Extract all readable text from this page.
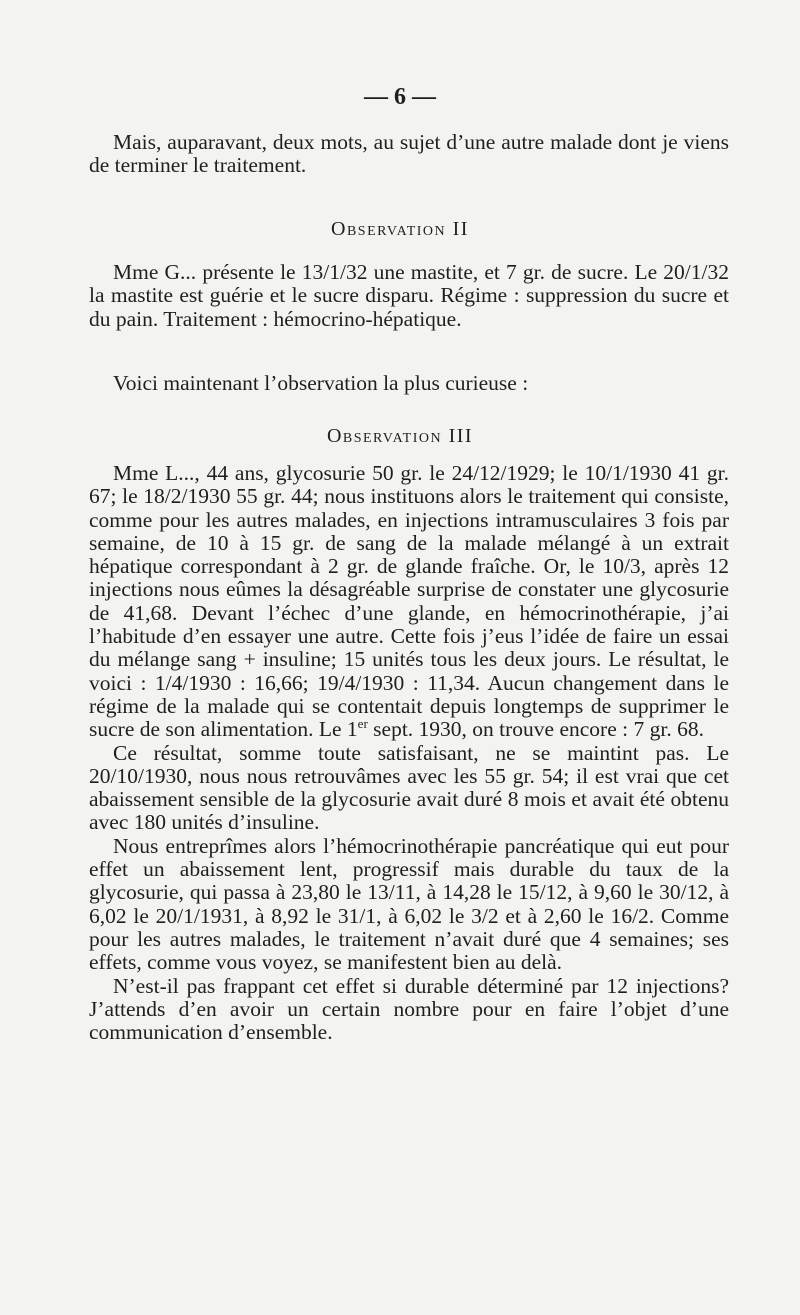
— 6 —

Mais, auparavant, deux mots, au sujet d’une autre malade dont je viens de terminer le traitement.

Observation II

Mme G... présente le 13/1/32 une mastite, et 7 gr. de sucre. Le 20/1/32 la mastite est guérie et le sucre disparu. Régime : suppression du sucre et du pain. Traitement : hémocrino-hépatique.

Voici maintenant l’observation la plus curieuse :

Observation III

Mme L..., 44 ans, glycosurie 50 gr. le 24/12/1929; le 10/1/1930 41 gr. 67; le 18/2/1930 55 gr. 44; nous instituons alors le traitement qui consiste, comme pour les autres malades, en injections intramusculaires 3 fois par semaine, de 10 à 15 gr. de sang de la malade mélangé à un extrait hépatique correspondant à 2 gr. de glande fraîche. Or, le 10/3, après 12 injections nous eûmes la désagréable surprise de constater une glycosurie de 41,68. Devant l’échec d’une glande, en hémocrinothérapie, j’ai l’habitude d’en essayer une autre. Cette fois j’eus l’idée de faire un essai du mélange sang + insuline; 15 unités tous les deux jours. Le résultat, le voici : 1/4/1930 : 16,66; 19/4/1930 : 11,34. Aucun changement dans le régime de la malade qui se contentait depuis longtemps de supprimer le sucre de son alimentation. Le 1er sept. 1930, on trouve encore : 7 gr. 68.

Ce résultat, somme toute satisfaisant, ne se maintint pas. Le 20/10/1930, nous nous retrouvâmes avec les 55 gr. 54; il est vrai que cet abaissement sensible de la glycosurie avait duré 8 mois et avait été obtenu avec 180 unités d’insuline.

Nous entreprîmes alors l’hémocrinothérapie pancréatique qui eut pour effet un abaissement lent, progressif mais durable du taux de la glycosurie, qui passa à 23,80 le 13/11, à 14,28 le 15/12, à 9,60 le 30/12, à 6,02 le 20/1/1931, à 8,92 le 31/1, à 6,02 le 3/2 et à 2,60 le 16/2. Comme pour les autres malades, le traitement n’avait duré que 4 semaines; ses effets, comme vous voyez, se manifestent bien au delà.

N’est-il pas frappant cet effet si durable déterminé par 12 injections? J’attends d’en avoir un certain nombre pour en faire l’objet d’une communication d’ensemble.
